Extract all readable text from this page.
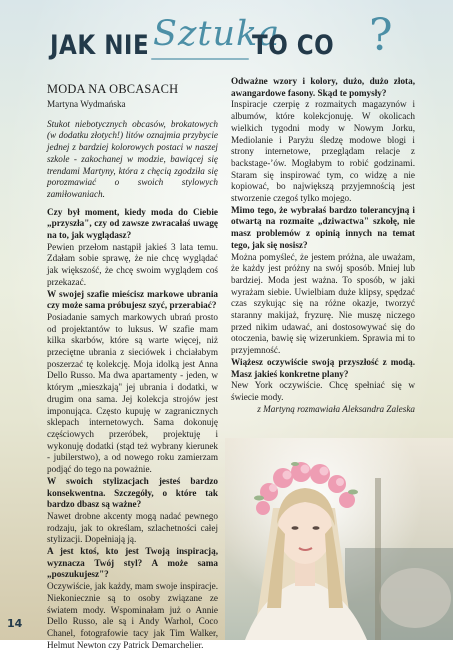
JAK NIE Sztuka
TO CO ?

MODA NA OBCASACH

Martyna Wydmańska

Stukot niebotycznych obcasów, brokatowych (w dodatku złotych!) litów oznajmia przybycie jednej z bardziej kolorowych postaci w naszej szkole - zakochanej w modzie, bawiącej się trendami Martyny, która z chęcią zgodziła się porozmawiać o swoich stylowych zamiłowaniach.

Czy był moment, kiedy moda do Ciebie „przyszła", czy od zawsze zwracałaś uwagę na to, jak wyglądasz?

Pewien przełom nastąpił jakieś 3 lata temu. Zdałam sobie sprawę, że nie chcę wyglądać jak większość, że chcę swoim wyglądem coś przekazać.

W swojej szafie mieścisz markowe ubrania czy może sama próbujesz szyć, przerabiać?

Posiadanie samych markowych ubrań prosto od projektantów to luksus. W szafie mam kilka skarbów, które są warte więcej, niż przeciętne ubrania z sieciówek i chciałabym poszerzać tę kolekcję. Moja idolką jest Anna Dello Russo. Ma dwa apartamenty - jeden, w którym „mieszkają" jej ubrania i dodatki, w drugim ona sama. Jej kolekcja strojów jest imponująca. Często kupuję w zagranicznych sklepach internetowych. Sama dokonuję częściowych przeróbek, projektuję i wykonuję dodatki (stąd też wybrany kierunek - jubilerstwo), a od nowego roku zamierzam podjąć do tego na poważnie.

W swoich stylizacjach jesteś bardzo konsekwentna. Szczegóły, o które tak bardzo dbasz są ważne?

Nawet drobne akcenty mogą nadać pewnego rodzaju, jak to określam, szlachetności całej stylizacji. Dopełniają ją.

A jest ktoś, kto jest Twoją inspiracją, wyznacza Twój styl? A może sama „poszukujesz"?

Oczywiście, jak każdy, mam swoje inspiracje. Niekoniecznie są to osoby związane ze światem mody. Wspominałam już o Annie Dello Russo, ale są i Andy Warhol, Coco Chanel, fotografowie tacy jak Tim Walker, Helmut Newton czy Patrick Demarchelier.

Odważne wzory i kolory, dużo, dużo złota, awangardowe fasony. Skąd te pomysły?

Inspiracje czerpię z rozmaitych magazynów i albumów, które kolekcjonuję. W okolicach wielkich tygodni mody w Nowym Jorku, Mediolanie i Paryżu śledzę modowe blogi i strony internetowe, przeglądam relacje z backstage-’ów. Mogłabym to robić godzinami. Staram się inspirować tym, co widzę a nie kopiować, bo największą przyjemnością jest stworzenie czegoś tylko mojego.

Mimo tego, że wybrałaś bardzo tolerancyjną i otwartą na rozmaite „dziwactwa" szkołę, nie masz problemów z opinią innych na temat tego, jak się nosisz?

Można pomyśleć, że jestem próżna, ale uważam, że każdy jest próżny na swój sposób. Mniej lub bardziej. Moda jest ważna. To sposób, w jaki wyrażam siebie. Uwielbiam duże klipsy, spędzać czas szykując się na różne okazje, tworzyć staranny makijaż, fryzurę. Nie muszę niczego przed nikim udawać, ani dostosowywać się do otoczenia, bawię się wizerunkiem. Sprawia mi to przyjemność.

Wiążesz oczywiście swoją przyszłość z modą. Masz jakieś konkretne plany?

New York oczywiście. Chcę spełniać się w świecie mody.

z Martyną rozmawiała Aleksandra Zaleska

14
